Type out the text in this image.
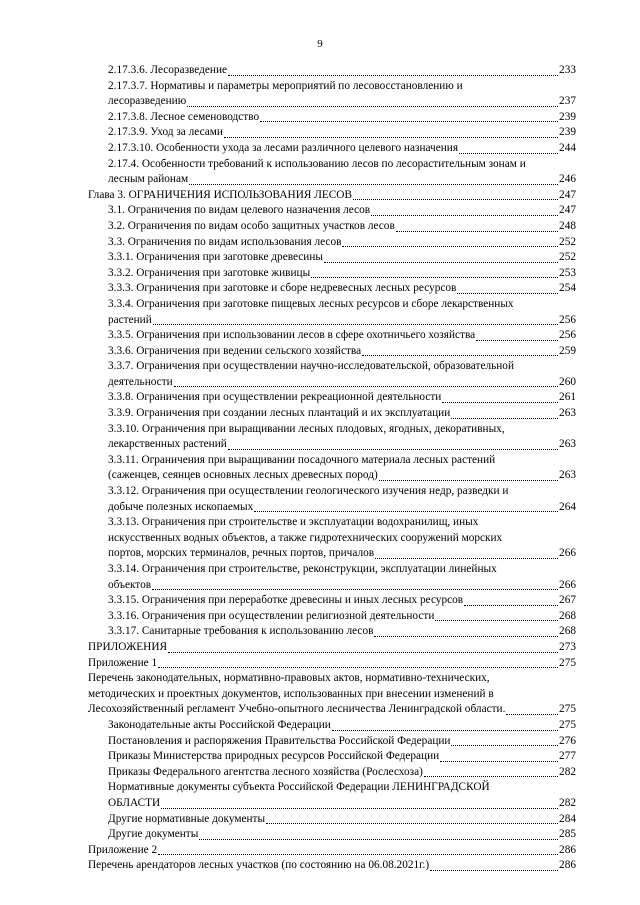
9
2.17.3.6. Лесоразведение	233
2.17.3.7. Нормативы и параметры мероприятий по лесовосстановлению и
лесоразведению	237
2.17.3.8. Лесное семеноводство	239
2.17.3.9. Уход за лесами	239
2.17.3.10. Особенности ухода за лесами различного целевого назначения	244
2.17.4. Особенности требований к использованию лесов по лесорастительным зонам и
лесным районам	246
Глава 3. ОГРАНИЧЕНИЯ ИСПОЛЬЗОВАНИЯ ЛЕСОВ	247
3.1. Ограничения по видам целевого назначения лесов	247
3.2. Ограничения по видам особо защитных участков лесов	248
3.3. Ограничения по видам использования лесов	252
3.3.1. Ограничения при заготовке древесины	252
3.3.2. Ограничения при заготовке живицы	253
3.3.3. Ограничения при заготовке и сборе недревесных лесных ресурсов	254
3.3.4. Ограничения при заготовке пищевых лесных ресурсов и сборе лекарственных
растений	256
3.3.5. Ограничения при использовании лесов в сфере охотничьего хозяйства	256
3.3.6. Ограничения при ведении сельского хозяйства	259
3.3.7. Ограничения при осуществлении научно-исследовательской, образовательной
деятельности	260
3.3.8. Ограничения при осуществлении рекреационной деятельности	261
3.3.9. Ограничения при создании лесных плантаций и их эксплуатации	263
3.3.10. Ограничения при выращивании лесных плодовых, ягодных, декоративных,
лекарственных растений	263
3.3.11. Ограничения при выращивании посадочного материала лесных растений
(саженцев, сеянцев основных лесных древесных пород)	263
3.3.12. Ограничения при осуществлении геологического изучения недр, разведки и
добыче полезных ископаемых	264
3.3.13. Ограничения при строительстве и эксплуатации водохранилищ, иных
искусственных водных объектов, а также гидротехнических сооружений морских
портов, морских терминалов, речных портов, причалов	266
3.3.14. Ограничения при строительстве, реконструкции, эксплуатации линейных
объектов	266
3.3.15. Ограничения при переработке древесины и иных лесных ресурсов	267
3.3.16. Ограничения при осуществлении религиозной деятельности	268
3.3.17. Санитарные требования к использованию лесов	268
ПРИЛОЖЕНИЯ	273
Приложение 1	275
Перечень законодательных, нормативно-правовых актов, нормативно-технических,
методических и проектных документов, использованных при внесении изменений в
Лесохозяйственный регламент Учебно-опытного лесничества Ленинградской области.	275
Законодательные акты Российской Федерации	275
Постановления и распоряжения Правительства Российской Федерации	276
Приказы Министерства природных ресурсов Российской Федерации	277
Приказы Федерального агентства лесного хозяйства (Рослесхоза)	282
Нормативные документы субъекта Российской Федерации ЛЕНИНГРАДСКОЙ
ОБЛАСТИ	282
Другие нормативные документы	284
Другие документы	285
Приложение 2	286
Перечень арендаторов лесных участков (по состоянию на 06.08.2021г.)	286
